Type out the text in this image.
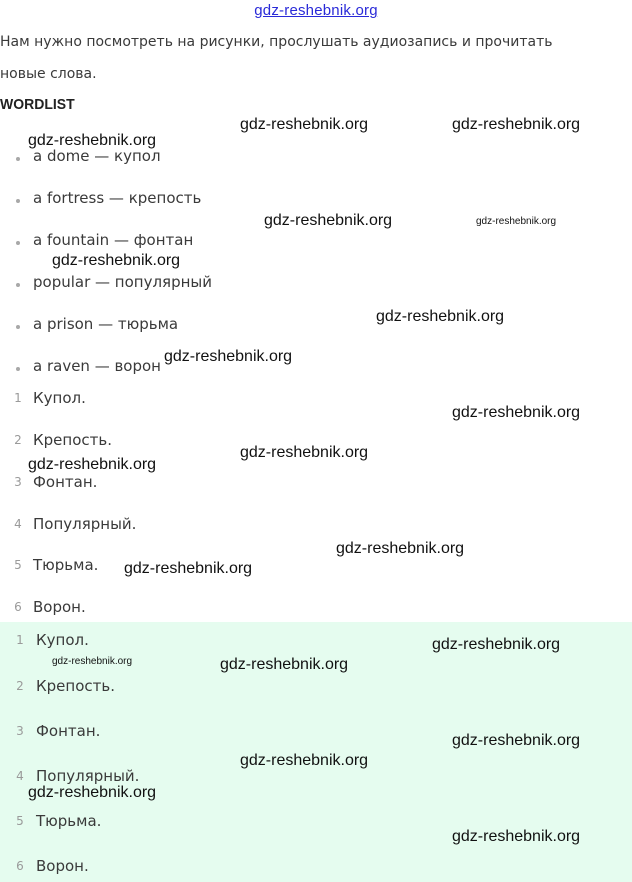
gdz-reshebnik.org
Нам нужно посмотреть на рисунки, прослушать аудиозапись и прочитать
новые слова.
WORDLIST
a dome — купол
a fortress — крепость
a fountain — фонтан
popular — популярный
a prison — тюрьма
a raven — ворон
1 Купол.
2 Крепость.
3 Фонтан.
4 Популярный.
5 Тюрьма.
6 Ворон.
1 Купол.
2 Крепость.
3 Фонтан.
4 Популярный.
5 Тюрьма.
6 Ворон.
gdz-reshebnik.org	gdz-reshebnik.org
gdz-reshebnik.org
gdz-reshebnik.org	gdz-reshebnik.org
gdz-reshebnik.org
gdz-reshebnik.org
gdz-reshebnik.org
gdz-reshebnik.org
gdz-reshebnik.org
gdz-reshebnik.org
gdz-reshebnik.org
gdz-reshebnik.org
gdz-reshebnik.org
gdz-reshebnik.org	gdz-reshebnik.org
gdz-reshebnik.org
gdz-reshebnik.org
gdz-reshebnik.org
gdz-reshebnik.org
